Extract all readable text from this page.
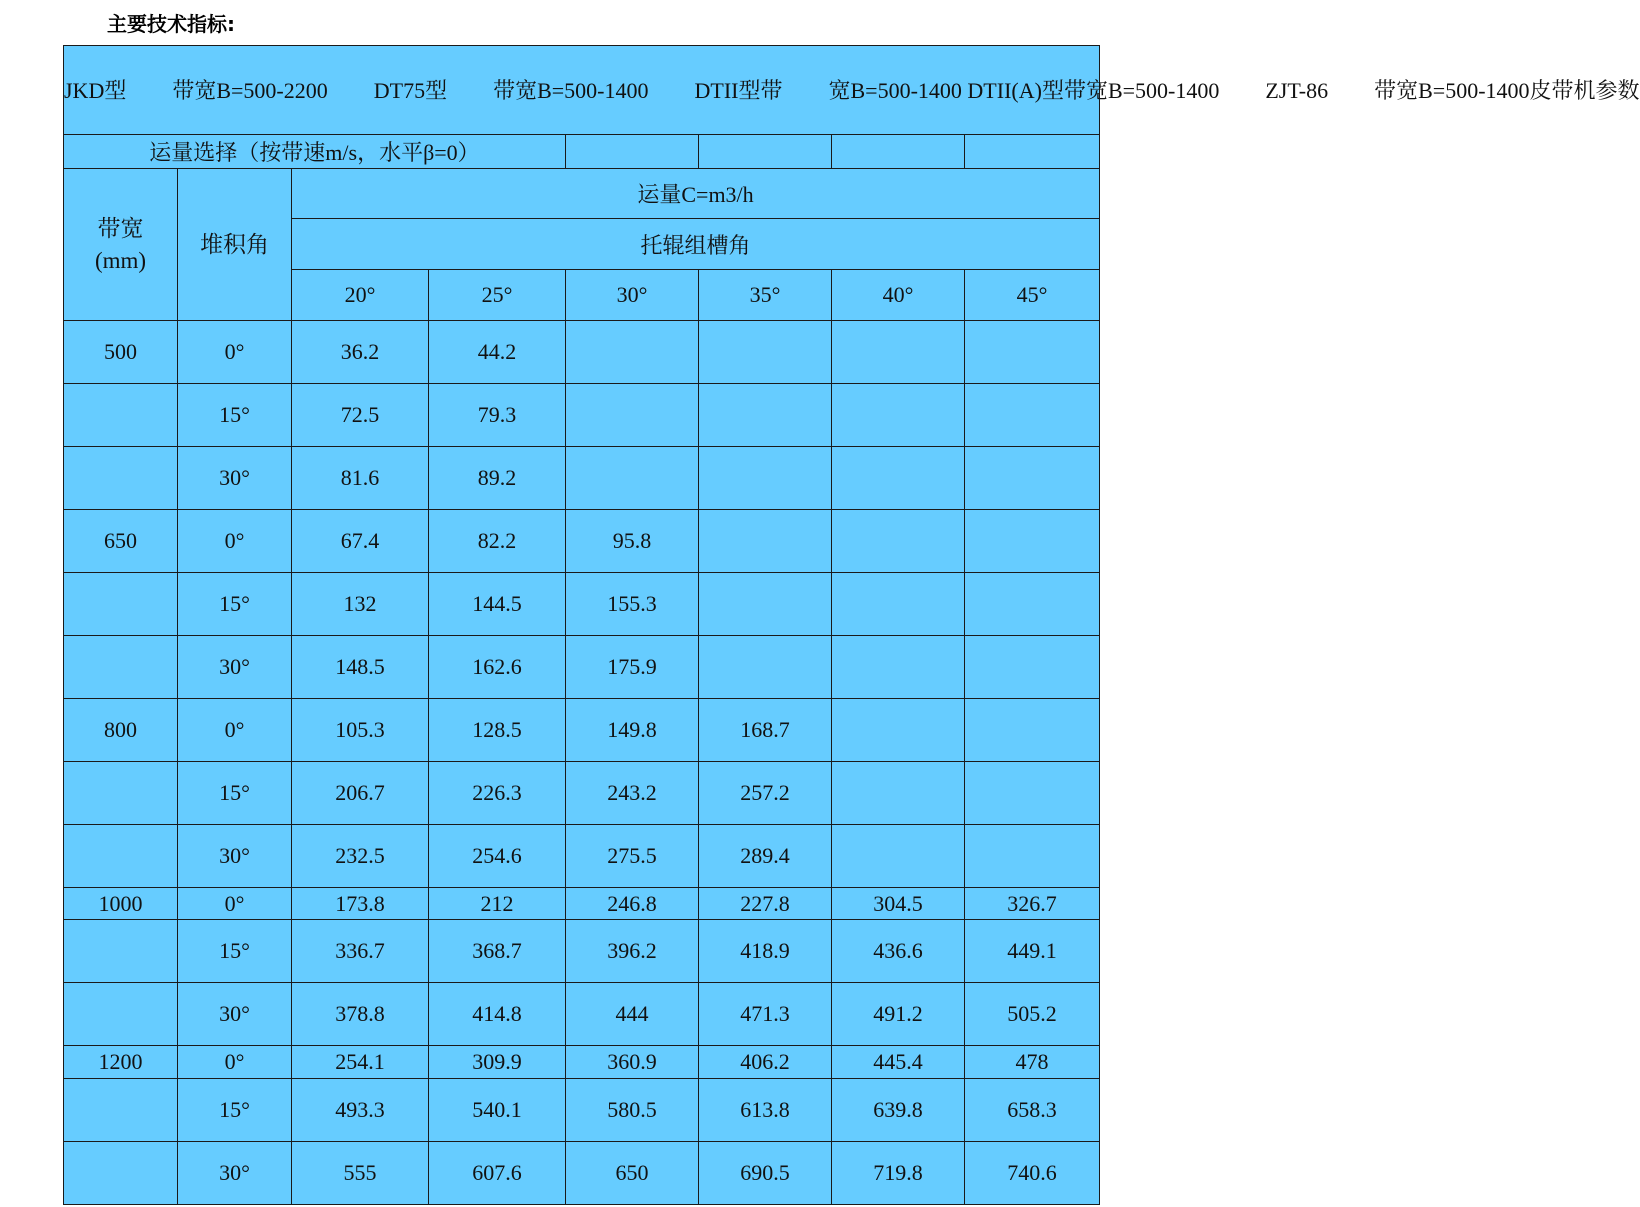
主要技术指标:
JKD型 带宽B=500-2200 DT75型 带宽B=500-1400 DTII型带 宽B=500-1400 DTII(A)型带宽B=500-1400 ZJT-86 带宽B=500-1400皮带机参数							
运量选择（按带速m/s，水平β=0）							
带宽(mm)	堆积角	运量C=m3/h					
		托辊组槽角					
		20°	25°	30°	35°	40°	45°
500	0°	36.2	44.2				
	15°	72.5	79.3				
	30°	81.6	89.2				
650	0°	67.4	82.2	95.8			
	15°	132	144.5	155.3			
	30°	148.5	162.6	175.9			
800	0°	105.3	128.5	149.8	168.7		
	15°	206.7	226.3	243.2	257.2		
	30°	232.5	254.6	275.5	289.4		
1000	0°	173.8	212	246.8	227.8	304.5	326.7
	15°	336.7	368.7	396.2	418.9	436.6	449.1
	30°	378.8	414.8	444	471.3	491.2	505.2
1200	0°	254.1	309.9	360.9	406.2	445.4	478
	15°	493.3	540.1	580.5	613.8	639.8	658.3
	30°	555	607.6	650	690.5	719.8	740.6
